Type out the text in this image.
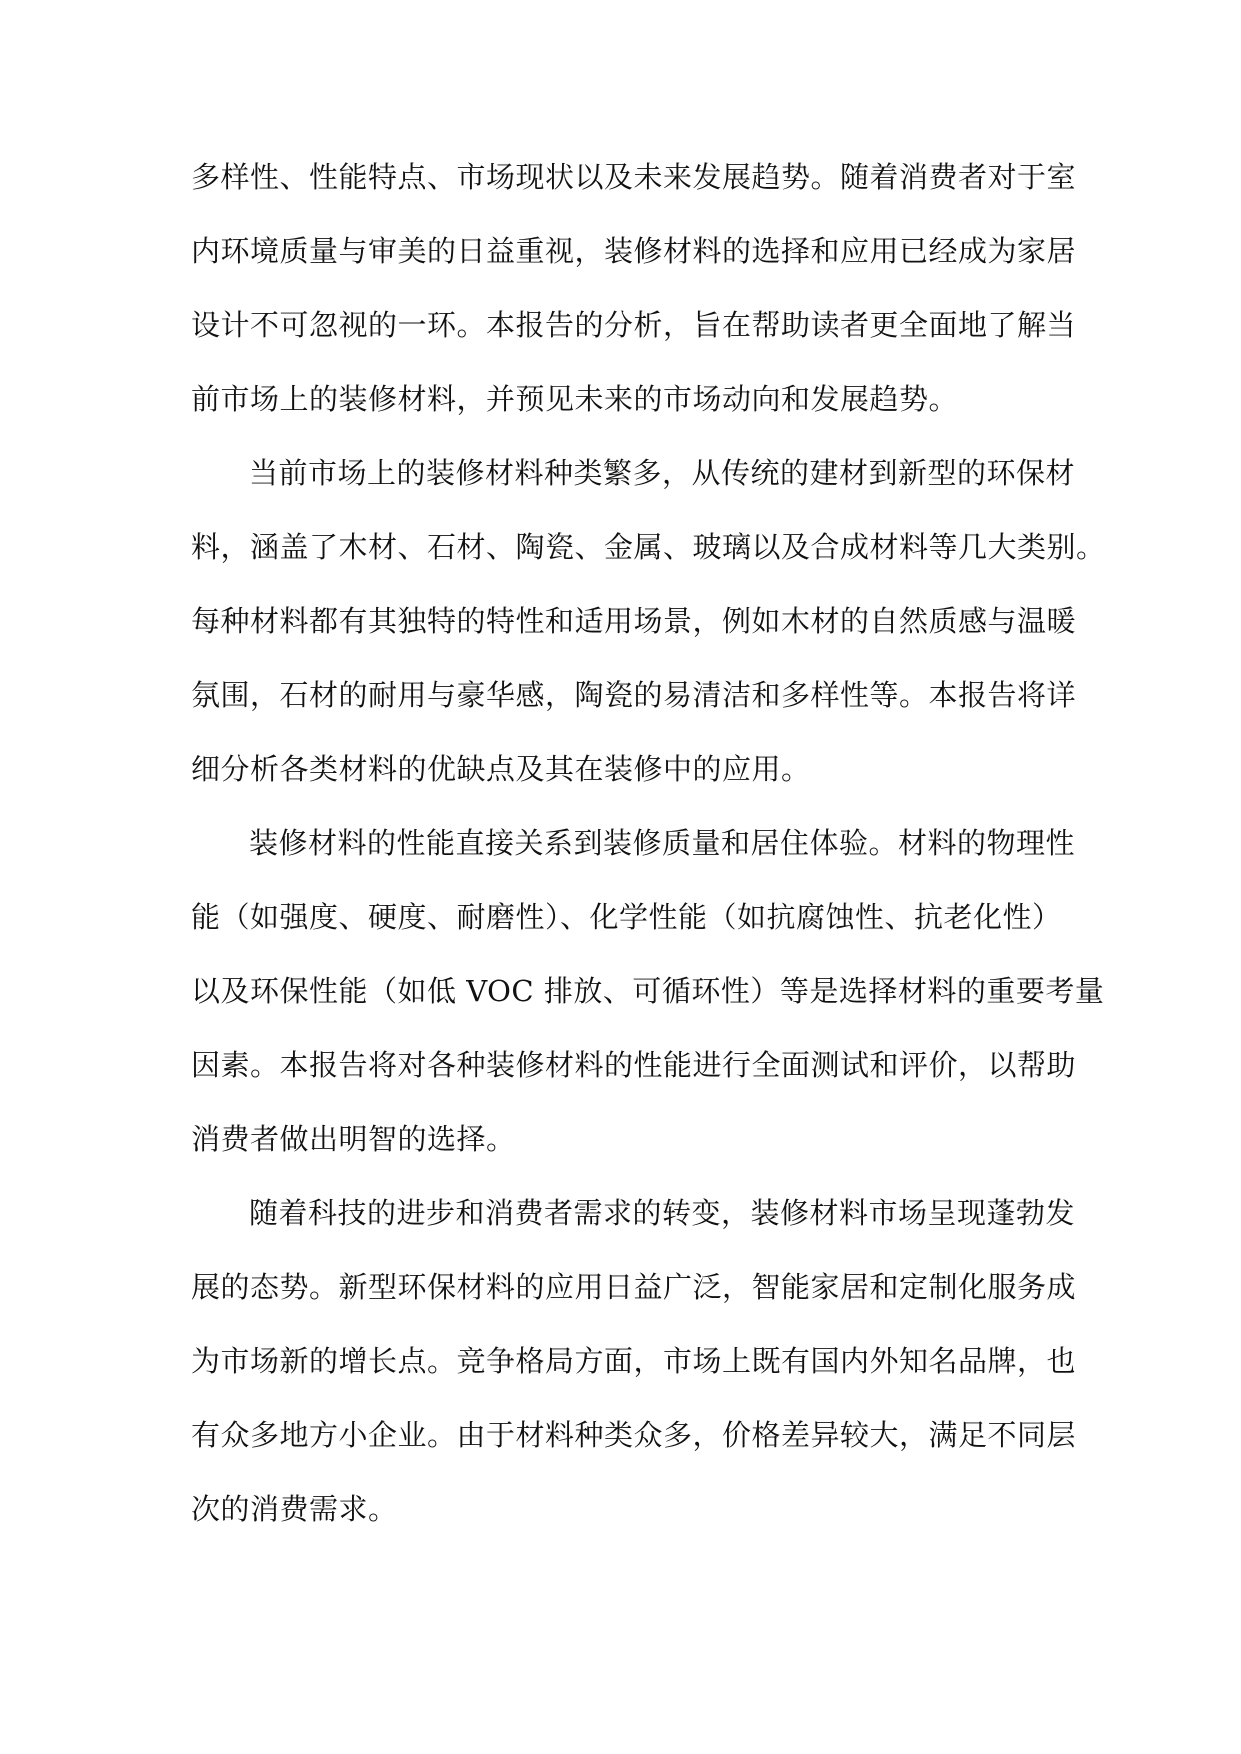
多样性、性能特点、市场现状以及未来发展趋势。随着消费者对于室
内环境质量与审美的日益重视，装修材料的选择和应用已经成为家居
设计不可忽视的一环。本报告的分析，旨在帮助读者更全面地了解当
前市场上的装修材料，并预见未来的市场动向和发展趋势。
当前市场上的装修材料种类繁多，从传统的建材到新型的环保材
料，涵盖了木材、石材、陶瓷、金属、玻璃以及合成材料等几大类别。
每种材料都有其独特的特性和适用场景，例如木材的自然质感与温暖
氛围，石材的耐用与豪华感，陶瓷的易清洁和多样性等。本报告将详
细分析各类材料的优缺点及其在装修中的应用。
装修材料的性能直接关系到装修质量和居住体验。材料的物理性
能（如强度、硬度、耐磨性）、化学性能（如抗腐蚀性、抗老化性）
以及环保性能（如低 VOC 排放、可循环性）等是选择材料的重要考量
因素。本报告将对各种装修材料的性能进行全面测试和评价，以帮助
消费者做出明智的选择。
随着科技的进步和消费者需求的转变，装修材料市场呈现蓬勃发
展的态势。新型环保材料的应用日益广泛，智能家居和定制化服务成
为市场新的增长点。竞争格局方面，市场上既有国内外知名品牌，也
有众多地方小企业。由于材料种类众多，价格差异较大，满足不同层
次的消费需求。
